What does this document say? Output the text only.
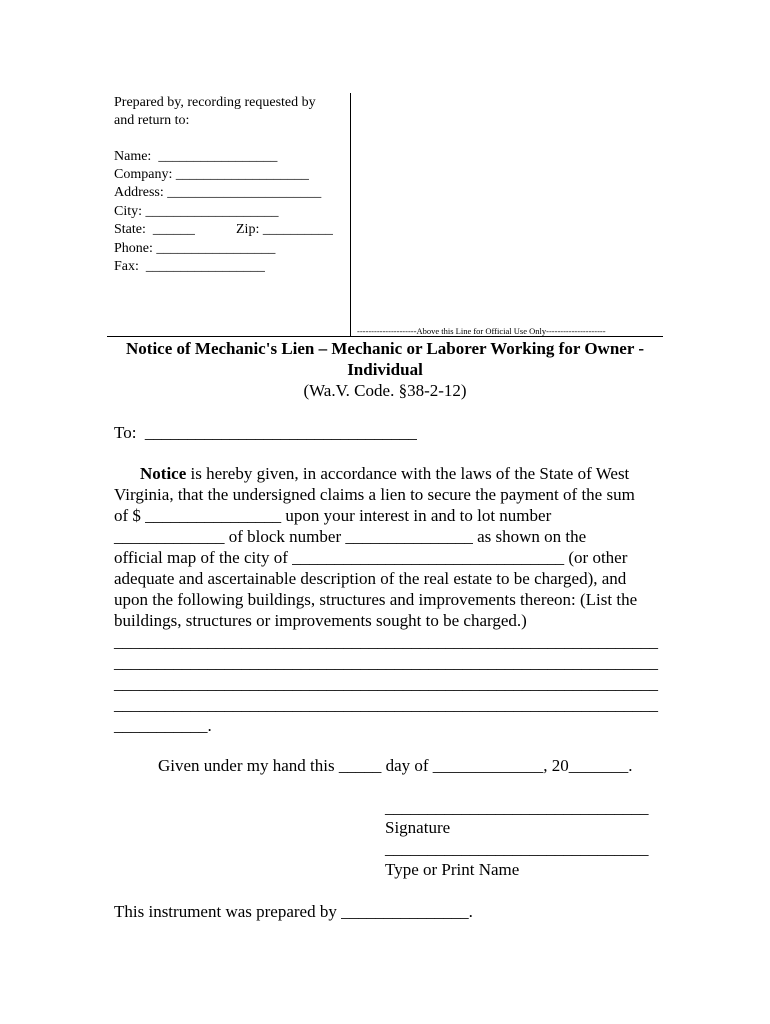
Prepared by, recording requested by
and return to:
Name:  _________________
Company: ___________________
Address: ______________________
City: ___________________
State:  ______	Zip: __________
Phone: _________________
Fax:  _________________
---------------------Above this Line for Official Use Only---------------------
Notice of Mechanic's Lien – Mechanic or Laborer Working for Owner -
Individual
(Wa.V. Code. §38-2-12)
To:  ________________________________
Notice is hereby given, in accordance with the laws of the State of West
Virginia, that the undersigned claims a lien to secure the payment of the sum
of $ ________________ upon your interest in and to lot number
_____________ of block number _______________ as shown on the
official map of the city of ________________________________ (or other
adequate and ascertainable description of the real estate to be charged), and
upon the following buildings, structures and improvements thereon: (List the
buildings, structures or improvements sought to be charged.)
________________________________________________________________
________________________________________________________________
________________________________________________________________
________________________________________________________________
___________.
Given under my hand this _____ day of _____________, 20_______.
_______________________________
Signature
_______________________________
Type or Print Name
This instrument was prepared by _______________.
